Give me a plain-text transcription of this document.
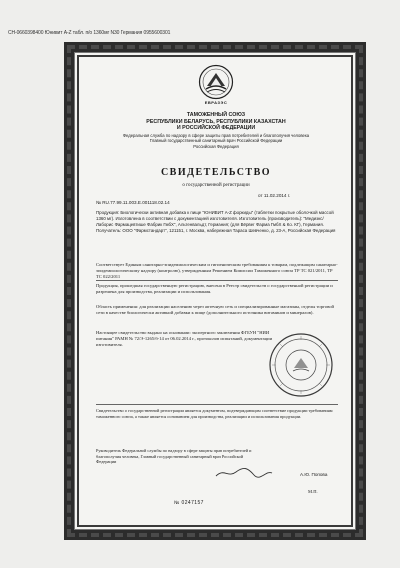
СН-0660398400 Юнивит А-Z табл. п/о 1360мг N30 Германия 0955600301
ЕВРАЗЭС
ТАМОЖЕННЫЙ СОЮЗ
РЕСПУБЛИКИ БЕЛАРУСЬ, РЕСПУБЛИКИ КАЗАХСТАН
И РОССИЙСКОЙ ФЕДЕРАЦИИ
Федеральная служба по надзору в сфере защиты прав потребителей и благополучия человека
Главный государственный санитарный врач Российской Федерации
Российская Федерация
СВИДЕТЕЛЬСТВО
о государственной регистрации
от 11.02.2014 г.
№ RU.77.99.11.003.Е.001118.02.14
Продукция: Биологически активная добавка к пище "ЮНИВИТ А-Z форкиды" (таблетки покрытые оболочкой массой 1360 мг). Изготовлена в соответствии с документацией изготовителя. Изготовитель (производитель): "Медиэкс/Лаборис Фармацевтише Фабрик ГмбХ", Альтенвальдт, Германия; (для Вёрвег Фарма ГмбХ & Ко. КГ), Германия. Получатель: ООО "Фармстандарт", 121151, г. Москва, набережная Тараса Шевченко, д. 23-А, Российская Федерация
Соответствует Единым санитарно-эпидемиологическим и гигиеническим требованиям к товарам, подлежащим санитарно-эпидемиологическому надзору (контролю), утвержденным Решением Комиссии Таможенного союза ТР ТС 021/2011, ТР ТС 022/2011
Продукция, прошедшая государственную регистрацию, внесена в Реестр свидетельств о государственной регистрации и разрешена для производства, реализации и использования.
Область применения: для реализации населению через аптечную сеть и специализированные магазины, отделы торговой сети в качестве биологически активной добавки к пище (дополнительного источника витаминов и минералов).
Настоящее свидетельство выдано на основании: экспертного заключения ФГБУН "НИИ питания" РАМН № 72/Э-1265/б-14 от 06.02.2014 г., протоколов испытаний, документации изготовителя.
Свидетельство о государственной регистрации является документом, подтверждающим соответствие продукции требованиям таможенного союза, а также является основанием для производства, реализации и использования продукции.
Руководитель Федеральной службы по надзору в сфере защиты прав потребителей и благополучия человека, Главный государственный санитарный врач Российской Федерации
А.Ю. Попова
М.П.
№ 0247157
